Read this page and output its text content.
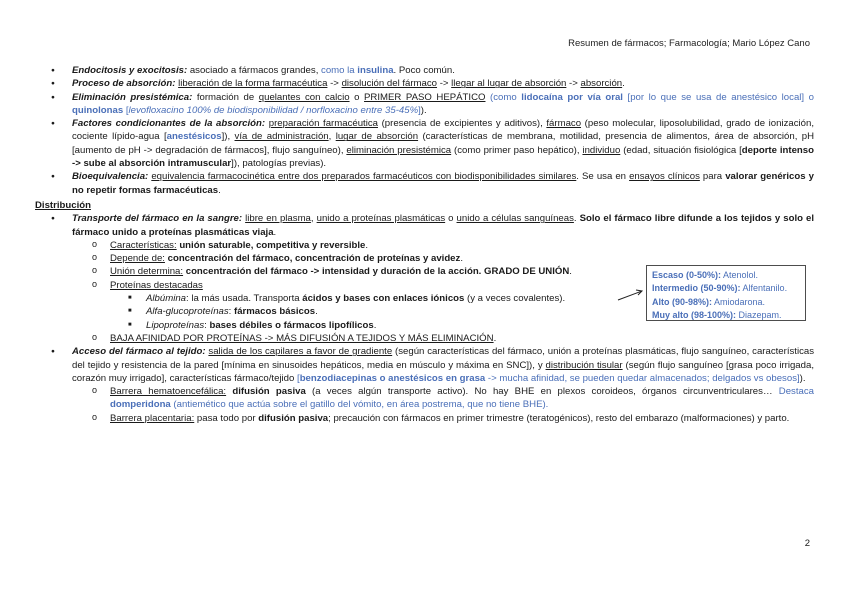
Resumen de fármacos; Farmacología; Mario López Cano
● Endocitosis y exocitosis: asociado a fármacos grandes, como la insulina. Poco común.
● Proceso de absorción: liberación de la forma farmacéutica -> disolución del fármaco -> llegar al lugar de absorción -> absorción.
● Eliminación presistémica: formación de quelantes con calcio o PRIMER PASO HEPÁTICO (como lidocaína por vía oral [por lo que se usa de anestésico local] o quinolonas [levofloxacino 100% de biodisponibilidad / norfloxacino entre 35-45%]).
● Factores condicionantes de la absorción: preparación farmacéutica (presencia de excipientes y aditivos), fármaco (peso molecular, liposolubilidad, grado de ionización, cociente lípido-agua [anestésicos]), vía de administración, lugar de absorción (características de membrana, motilidad, presencia de alimentos, área de absorción, pH [aumento de pH -> degradación de fármacos], flujo sanguíneo), eliminación presistémica (como primer paso hepático), individuo (edad, situación fisiológica [deporte intenso -> sube al absorción intramuscular]), patologías previas).
● Bioequivalencia: equivalencia farmacocinética entre dos preparados farmacéuticos con biodisponibilidades similares. Se usa en ensayos clínicos para valorar genéricos y no repetir formas farmacéuticas.
Distribución
● Transporte del fármaco en la sangre: libre en plasma, unido a proteínas plasmáticas o unido a células sanguíneas. Solo el fármaco libre difunde a los tejidos y solo el fármaco unido a proteínas plasmáticas viaja.
o Características: unión saturable, competitiva y reversible.
o Depende de: concentración del fármaco, concentración de proteínas y avidez.
o Unión determina: concentración del fármaco -> intensidad y duración de la acción. GRADO DE UNIÓN.
o Proteínas destacadas
■ Albúmina: la más usada. Transporta ácidos y bases con enlaces iónicos (y a veces covalentes).
■ Alfa-glucoproteínas: fármacos básicos.
■ Lipoproteínas: bases débiles o fármacos lipofílicos.
o BAJA AFINIDAD POR PROTEÍNAS -> MÁS DIFUSIÓN A TEJIDOS Y MÁS ELIMINACIÓN.
● Acceso del fármaco al tejido: salida de los capilares a favor de gradiente (según características del fármaco, unión a proteínas plasmáticas, flujo sanguíneo, características del tejido y resistencia de la pared [mínima en sinusoides hepáticos, media en músculo y máxima en SNC]), y distribución tisular (según flujo sanguíneo [grasa poco irrigada, corazón muy irrigado], características fármaco/tejido [benzodiacepinas o anestésicos en grasa -> mucha afinidad, se pueden quedar almacenados; delgados vs obesos]).
o Barrera hematoencefálica: difusión pasiva (a veces algún transporte activo). No hay BHE en plexos coroideos, órganos circunventriculares… Destaca domperidona (antiemético que actúa sobre el gatillo del vómito, en área postrema, que no tiene BHE).
o Barrera placentaria: pasa todo por difusión pasiva; precaución con fármacos en primer trimestre (teratogénicos), resto del embarazo (malformaciones) y parto.
Escaso (0-50%): Atenolol.
Intermedio (50-90%): Alfentanilo.
Alto (90-98%): Amiodarona.
Muy alto (98-100%): Diazepam.
2
